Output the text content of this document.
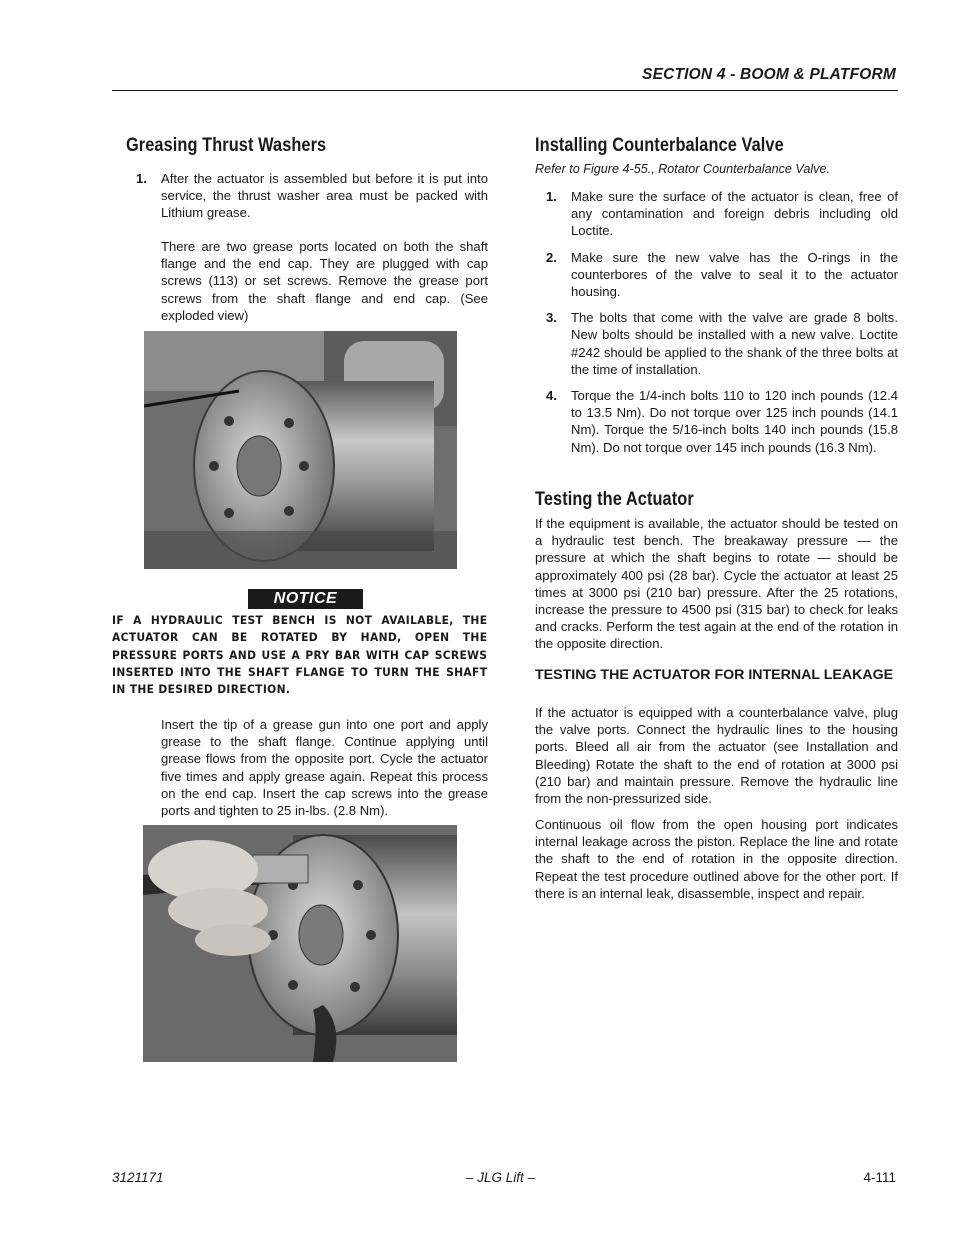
SECTION 4 - BOOM & PLATFORM
Greasing Thrust Washers
1.	After the actuator is assembled but before it is put into service, the thrust washer area must be packed with Lithium grease.
There are two grease ports located on both the shaft flange and the end cap. They are plugged with cap screws (113) or set screws. Remove the grease port screws from the shaft flange and end cap. (See exploded view)
NOTICE
IF A HYDRAULIC TEST BENCH IS NOT AVAILABLE, THE ACTUATOR CAN BE ROTATED BY HAND, OPEN THE PRESSURE PORTS AND USE A PRY BAR WITH CAP SCREWS INSERTED INTO THE SHAFT FLANGE TO TURN THE SHAFT IN THE DESIRED DIRECTION.
Insert the tip of a grease gun into one port and apply grease to the shaft flange. Continue applying until grease flows from the opposite port. Cycle the actuator five times and apply grease again. Repeat this process on the end cap. Insert the cap screws into the grease ports and tighten to 25 in-lbs. (2.8 Nm).
Installing Counterbalance Valve
Refer to Figure 4-55., Rotator Counterbalance Valve.
1.	Make sure the surface of the actuator is clean, free of any contamination and foreign debris including old Loctite.
2.	Make sure the new valve has the O-rings in the counterbores of the valve to seal it to the actuator housing.
3.	The bolts that come with the valve are grade 8 bolts. New bolts should be installed with a new valve. Loctite #242 should be applied to the shank of the three bolts at the time of installation.
4.	Torque the 1/4-inch bolts 110 to 120 inch pounds (12.4 to 13.5 Nm). Do not torque over 125 inch pounds (14.1 Nm). Torque the 5/16-inch bolts 140 inch pounds (15.8 Nm). Do not torque over 145 inch pounds (16.3 Nm).
Testing the Actuator
If the equipment is available, the actuator should be tested on a hydraulic test bench. The breakaway pressure — the pressure at which the shaft begins to rotate — should be approximately 400 psi (28 bar). Cycle the actuator at least 25 times at 3000 psi (210 bar) pressure. After the 25 rotations, increase the pressure to 4500 psi (315 bar) to check for leaks and cracks. Perform the test again at the end of the rotation in the opposite direction.
TESTING THE ACTUATOR FOR INTERNAL LEAKAGE
If the actuator is equipped with a counterbalance valve, plug the valve ports. Connect the hydraulic lines to the housing ports. Bleed all air from the actuator (see Installation and Bleeding) Rotate the shaft to the end of rotation at 3000 psi (210 bar) and maintain pressure. Remove the hydraulic line from the non-pressurized side.
Continuous oil flow from the open housing port indicates internal leakage across the piston. Replace the line and rotate the shaft to the end of rotation in the opposite direction. Repeat the test procedure outlined above for the other port. If there is an internal leak, disassemble, inspect and repair.
3121171	– JLG Lift –	4-111
